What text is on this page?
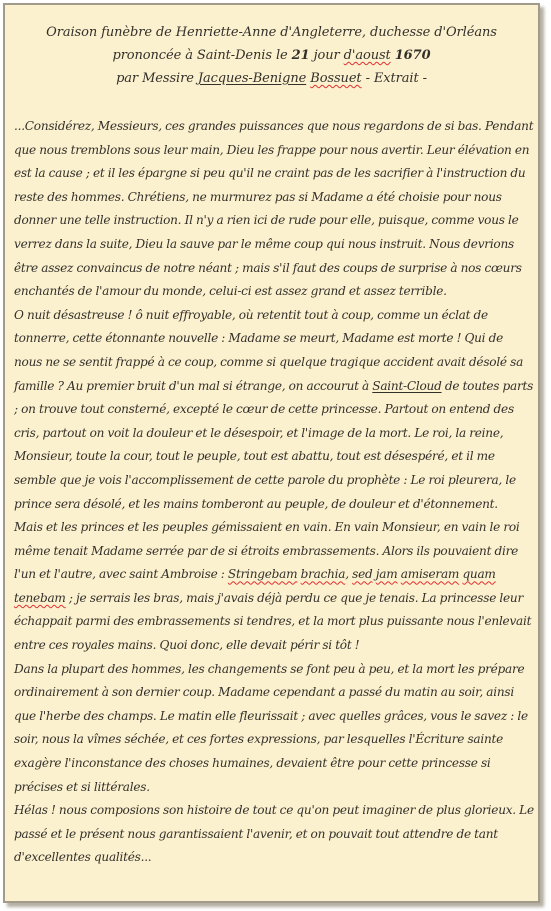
Oraison funèbre de Henriette-Anne d'Angleterre, duchesse d'Orléans
prononcée à Saint-Denis le 21 jour d'aoust 1670
par Messire Jacques-Benigne Bossuet - Extrait -

...Considérez, Messieurs, ces grandes puissances que nous regardons de si bas. Pendant que nous tremblons sous leur main, Dieu les frappe pour nous avertir. Leur élévation en est la cause ; et il les épargne si peu qu'il ne craint pas de les sacrifier à l'instruction du reste des hommes. Chrétiens, ne murmurez pas si Madame a été choisie pour nous donner une telle instruction. Il n'y a rien ici de rude pour elle, puisque, comme vous le verrez dans la suite, Dieu la sauve par le même coup qui nous instruit. Nous devrions être assez convaincus de notre néant ; mais s'il faut des coups de surprise à nos cœurs enchantés de l'amour du monde, celui-ci est assez grand et assez terrible.

O nuit désastreuse ! ô nuit effroyable, où retentit tout à coup, comme un éclat de tonnerre, cette étonnante nouvelle : Madame se meurt, Madame est morte ! Qui de nous ne se sentit frappé à ce coup, comme si quelque tragique accident avait désolé sa famille ? Au premier bruit d'un mal si étrange, on accourut à Saint-Cloud de toutes parts ; on trouve tout consterné, excepté le cœur de cette princesse. Partout on entend des cris, partout on voit la douleur et le désespoir, et l'image de la mort. Le roi, la reine, Monsieur, toute la cour, tout le peuple, tout est abattu, tout est désespéré, et il me semble que je vois l'accomplissement de cette parole du prophète : Le roi pleurera, le prince sera désolé, et les mains tomberont au peuple, de douleur et d'étonnement.

Mais et les princes et les peuples gémissaient en vain. En vain Monsieur, en vain le roi même tenait Madame serrée par de si étroits embrassements. Alors ils pouvaient dire l'un et l'autre, avec saint Ambroise : Stringebam brachia, sed jam amiseram quam tenebam ; je serrais les bras, mais j'avais déjà perdu ce que je tenais. La princesse leur échappait parmi des embrassements si tendres, et la mort plus puissante nous l'enlevait entre ces royales mains. Quoi donc, elle devait périr si tôt !

Dans la plupart des hommes, les changements se font peu à peu, et la mort les prépare ordinairement à son dernier coup. Madame cependant a passé du matin au soir, ainsi que l'herbe des champs. Le matin elle fleurissait ; avec quelles grâces, vous le savez : le soir, nous la vîmes séchée, et ces fortes expressions, par lesquelles l'Écriture sainte exagère l'inconstance des choses humaines, devaient être pour cette princesse si précises et si littérales.

Hélas ! nous composions son histoire de tout ce qu'on peut imaginer de plus glorieux. Le passé et le présent nous garantissaient l'avenir, et on pouvait tout attendre de tant d'excellentes qualités...
